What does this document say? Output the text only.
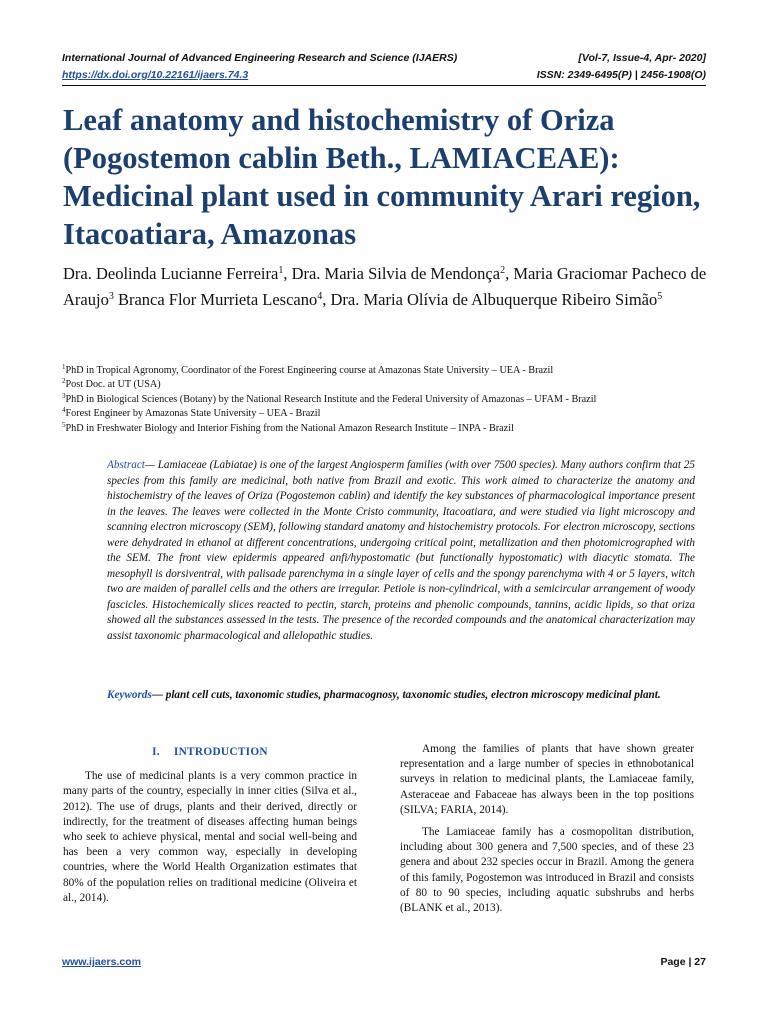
International Journal of Advanced Engineering Research and Science (IJAERS)	[Vol-7, Issue-4, Apr- 2020]
https://dx.doi.org/10.22161/ijaers.74.3	ISSN: 2349-6495(P) | 2456-1908(O)
Leaf anatomy and histochemistry of Oriza (Pogostemon cablin Beth., LAMIACEAE): Medicinal plant used in community Arari region, Itacoatiara, Amazonas
Dra. Deolinda Lucianne Ferreira$^1$, Dra. Maria Silvia de Mendonça$^2$, Maria Graciomar Pacheco de Araujo$^3$ Branca Flor Murrieta Lescano$^4$, Dra. Maria Olívia de Albuquerque Ribeiro Simão$^5$
$^1$PhD in Tropical Agronomy, Coordinator of the Forest Engineering course at Amazonas State University – UEA - Brazil
$^2$Post Doc. at UT (USA)
$^3$PhD in Biological Sciences (Botany) by the National Research Institute and the Federal University of Amazonas – UFAM - Brazil
$^4$Forest Engineer by Amazonas State University – UEA - Brazil
$^5$PhD in Freshwater Biology and Interior Fishing from the National Amazon Research Institute – INPA - Brazil
Abstract— Lamiaceae (Labiatae) is one of the largest Angiosperm families (with over 7500 species). Many authors confirm that 25 species from this family are medicinal, both native from Brazil and exotic. This work aimed to characterize the anatomy and histochemistry of the leaves of Oriza (Pogostemon cablin) and identify the key substances of pharmacological importance present in the leaves. The leaves were collected in the Monte Cristo community, Itacoatiara, and were studied via light microscopy and scanning electron microscopy (SEM), following standard anatomy and histochemistry protocols. For electron microscopy, sections were dehydrated in ethanol at different concentrations, undergoing critical point, metallization and then photomicrographed with the SEM. The front view epidermis appeared anfi/hypostomatic (but functionally hypostomatic) with diacytic stomata. The mesophyll is dorsiventral, with palisade parenchyma in a single layer of cells and the spongy parenchyma with 4 or 5 layers, witch two are maiden of parallel cells and the others are irregular. Petiole is non-cylindrical, with a semicircular arrangement of woody fascicles. Histochemically slices reacted to pectin, starch, proteins and phenolic compounds, tannins, acidic lipids, so that oriza showed all the substances assessed in the tests. The presence of the recorded compounds and the anatomical characterization may assist taxonomic pharmacological and allelopathic studies.
Keywords— plant cell cuts, taxonomic studies, pharmacognosy, taxonomic studies, electron microscopy medicinal plant.
I. INTRODUCTION

The use of medicinal plants is a very common practice in many parts of the country, especially in inner cities (Silva et al., 2012). The use of drugs, plants and their derived, directly or indirectly, for the treatment of diseases affecting human beings who seek to achieve physical, mental and social well-being and has been a very common way, especially in developing countries, where the World Health Organization estimates that 80% of the population relies on traditional medicine (Oliveira et al., 2014).

Among the families of plants that have shown greater representation and a large number of species in ethnobotanical surveys in relation to medicinal plants, the Lamiaceae family, Asteraceae and Fabaceae has always been in the top positions (SILVA; FARIA, 2014).

The Lamiaceae family has a cosmopolitan distribution, including about 300 genera and 7,500 species, and of these 23 genera and about 232 species occur in Brazil. Among the genera of this family, Pogostemon was introduced in Brazil and consists of 80 to 90 species, including aquatic subshrubs and herbs (BLANK et al., 2013).

www.ijaers.com	Page | 27
